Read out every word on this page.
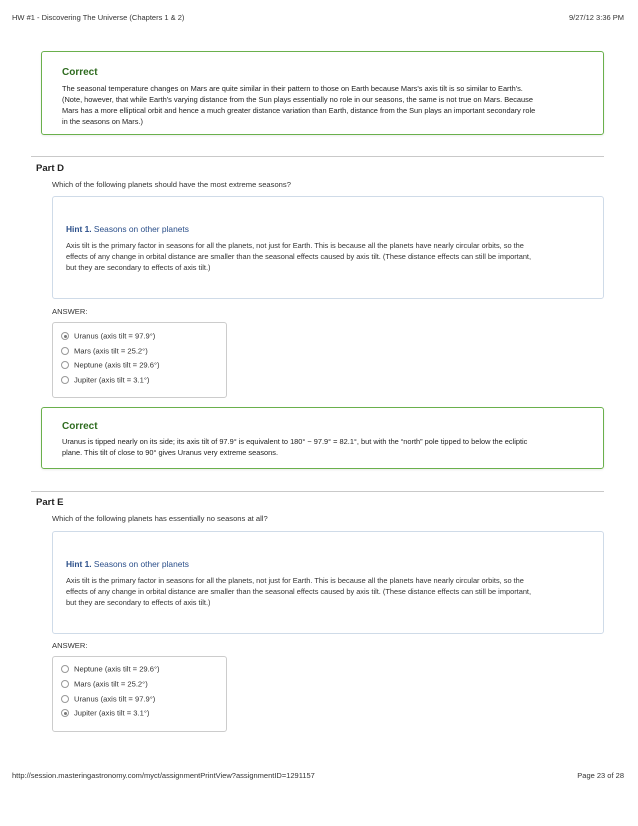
HW #1 - Discovering The Universe (Chapters 1 & 2)	9/27/12 3:36 PM
Correct
The seasonal temperature changes on Mars are quite similar in their pattern to those on Earth because Mars's axis tilt is so similar to Earth's.
(Note, however, that while Earth's varying distance from the Sun plays essentially no role in our seasons, the same is not true on Mars. Because
Mars has a more elliptical orbit and hence a much greater distance variation than Earth, distance from the Sun plays an important secondary role
in the seasons on Mars.)
Part D
Which of the following planets should have the most extreme seasons?
Hint 1. Seasons on other planets
Axis tilt is the primary factor in seasons for all the planets, not just for Earth. This is because all the planets have nearly circular orbits, so the
effects of any change in orbital distance are smaller than the seasonal effects caused by axis tilt. (These distance effects can still be important,
but they are secondary to effects of axis tilt.)
ANSWER:
Uranus (axis tilt = 97.9°)
Mars (axis tilt = 25.2°)
Neptune (axis tilt = 29.6°)
Jupiter (axis tilt = 3.1°)
Correct
Uranus is tipped nearly on its side; its axis tilt of 97.9° is equivalent to 180° − 97.9° = 82.1°, but with the “north” pole tipped to below the ecliptic
plane. This tilt of close to 90° gives Uranus very extreme seasons.
Part E
Which of the following planets has essentially no seasons at all?
Hint 1. Seasons on other planets
Axis tilt is the primary factor in seasons for all the planets, not just for Earth. This is because all the planets have nearly circular orbits, so the
effects of any change in orbital distance are smaller than the seasonal effects caused by axis tilt. (These distance effects can still be important,
but they are secondary to effects of axis tilt.)
ANSWER:
Neptune (axis tilt = 29.6°)
Mars (axis tilt = 25.2°)
Uranus (axis tilt = 97.9°)
Jupiter (axis tilt = 3.1°)
http://session.masteringastronomy.com/myct/assignmentPrintView?assignmentID=1291157	Page 23 of 28
